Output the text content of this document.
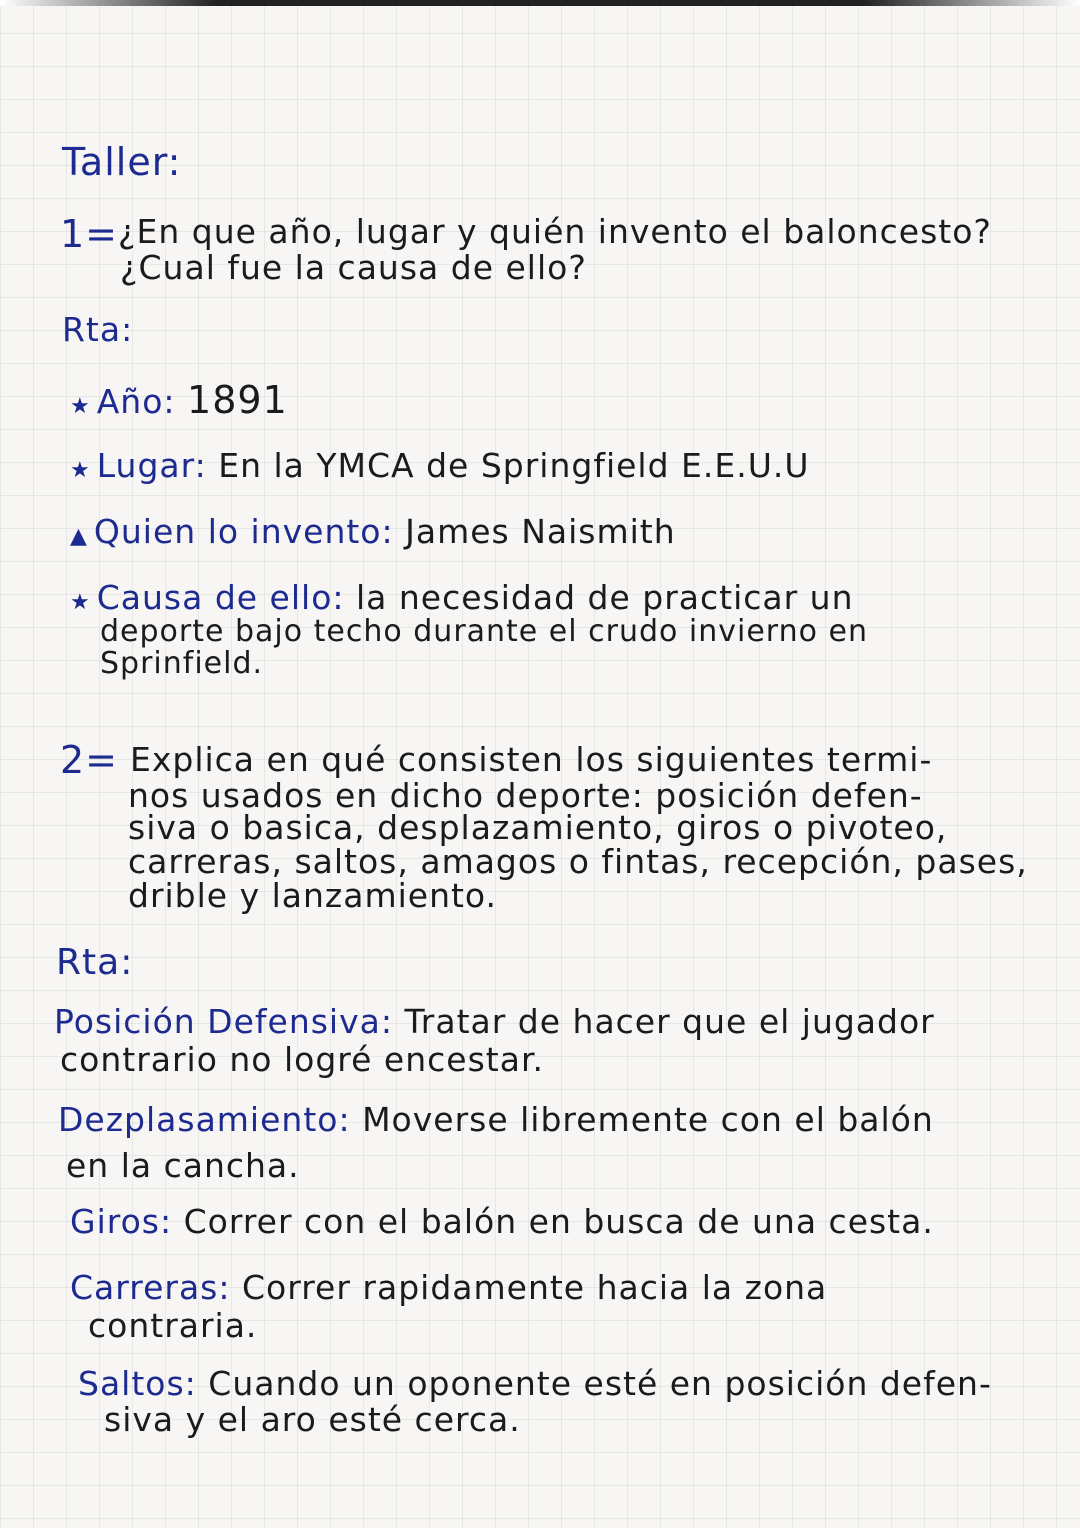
Taller:
1= ¿En que año, lugar y quién invento el baloncesto?
¿Cual fue la causa de ello?
Rta:
★ Año: 1891
★ Lugar: En la YMCA de Springfield E.E.U.U
▲ Quien lo invento: James Naismith
★ Causa de ello: la necesidad de practicar un
deporte bajo techo durante el crudo invierno en
Sprinfield.
2= Explica en qué consisten los siguientes termi-
nos usados en dicho deporte: posición defen-
siva o basica, desplazamiento, giros o pivoteo,
carreras, saltos, amagos o fintas, recepción, pases,
drible y lanzamiento.
Rta:
Posición Defensiva: Tratar de hacer que el jugador
contrario no logré encestar.
Dezplasamiento: Moverse libremente con el balón
en la cancha.
Giros: Correr con el balón en busca de una cesta.
Carreras: Correr rapidamente hacia la zona
contraria.
Saltos: Cuando un oponente esté en posición defen-
siva y el aro esté cerca.
